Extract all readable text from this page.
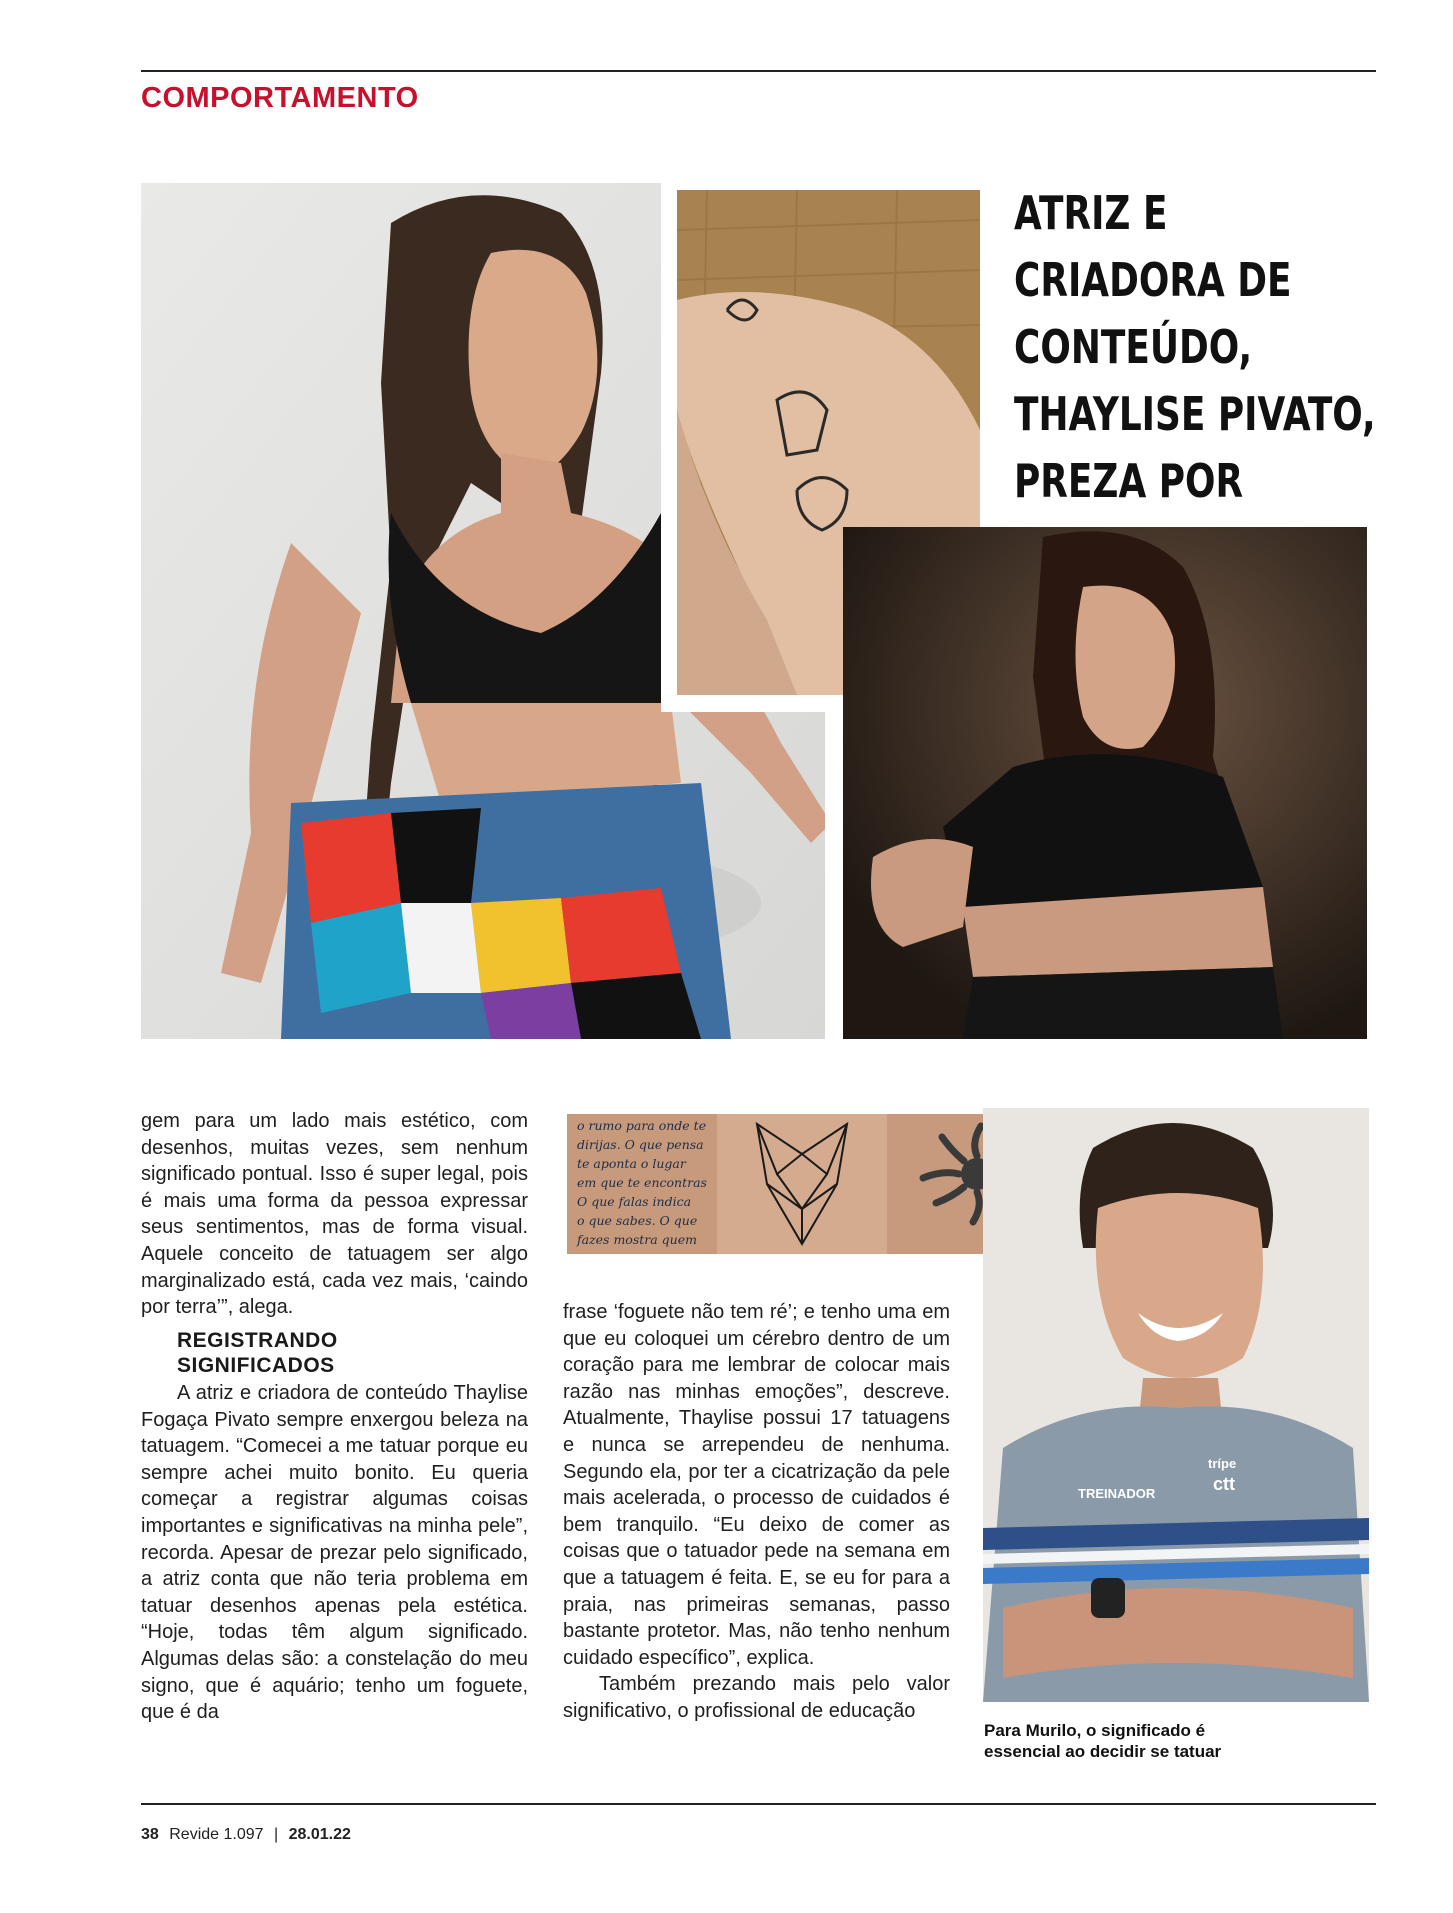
COMPORTAMENTO
ATRIZ E CRIADORA DE CONTEÚDO, THAYLISE PIVATO, PREZA POR
o rumo para onde te
dirijas. O que pensa
te aponta o lugar
em que te encontras
O que falas indica
o que sabes. O que
fazes mostra quem
TREINADOR
trípe
ctt

gem para um lado mais estético, com desenhos, muitas vezes, sem nenhum significado pontual. Isso é super legal, pois é mais uma forma da pessoa expressar seus sentimentos, mas de forma visual. Aquele conceito de tatuagem ser algo marginalizado está, cada vez mais, ‘caindo por terra’”, alega.

REGISTRANDO
SIGNIFICADOS

A atriz e criadora de conteúdo Thaylise Fogaça Pivato sempre enxergou beleza na tatuagem. “Comecei a me tatuar porque eu sempre achei muito bonito. Eu queria começar a registrar algumas coisas importantes e significativas na minha pele”, recorda. Apesar de prezar pelo significado, a atriz conta que não teria problema em tatuar desenhos apenas pela estética. “Hoje, todas têm algum significado. Algumas delas são: a constelação do meu signo, que é aquário; tenho um foguete, que é da

frase ‘foguete não tem ré’; e tenho uma em que eu coloquei um cérebro dentro de um coração para me lembrar de colocar mais razão nas minhas emoções”, descreve. Atualmente, Thaylise possui 17 tatuagens e nunca se arrependeu de nenhuma. Segundo ela, por ter a cicatrização da pele mais acelerada, o processo de cuidados é bem tranquilo. “Eu deixo de comer as coisas que o tatuador pede na semana em que a tatuagem é feita. E, se eu for para a praia, nas primeiras semanas, passo bastante protetor. Mas, não tenho nenhum cuidado específico”, explica.

Também prezando mais pelo valor significativo, o profissional de educação

Para Murilo, o significado é essencial ao decidir se tatuar
38 Revide 1.097 | 28.01.22
